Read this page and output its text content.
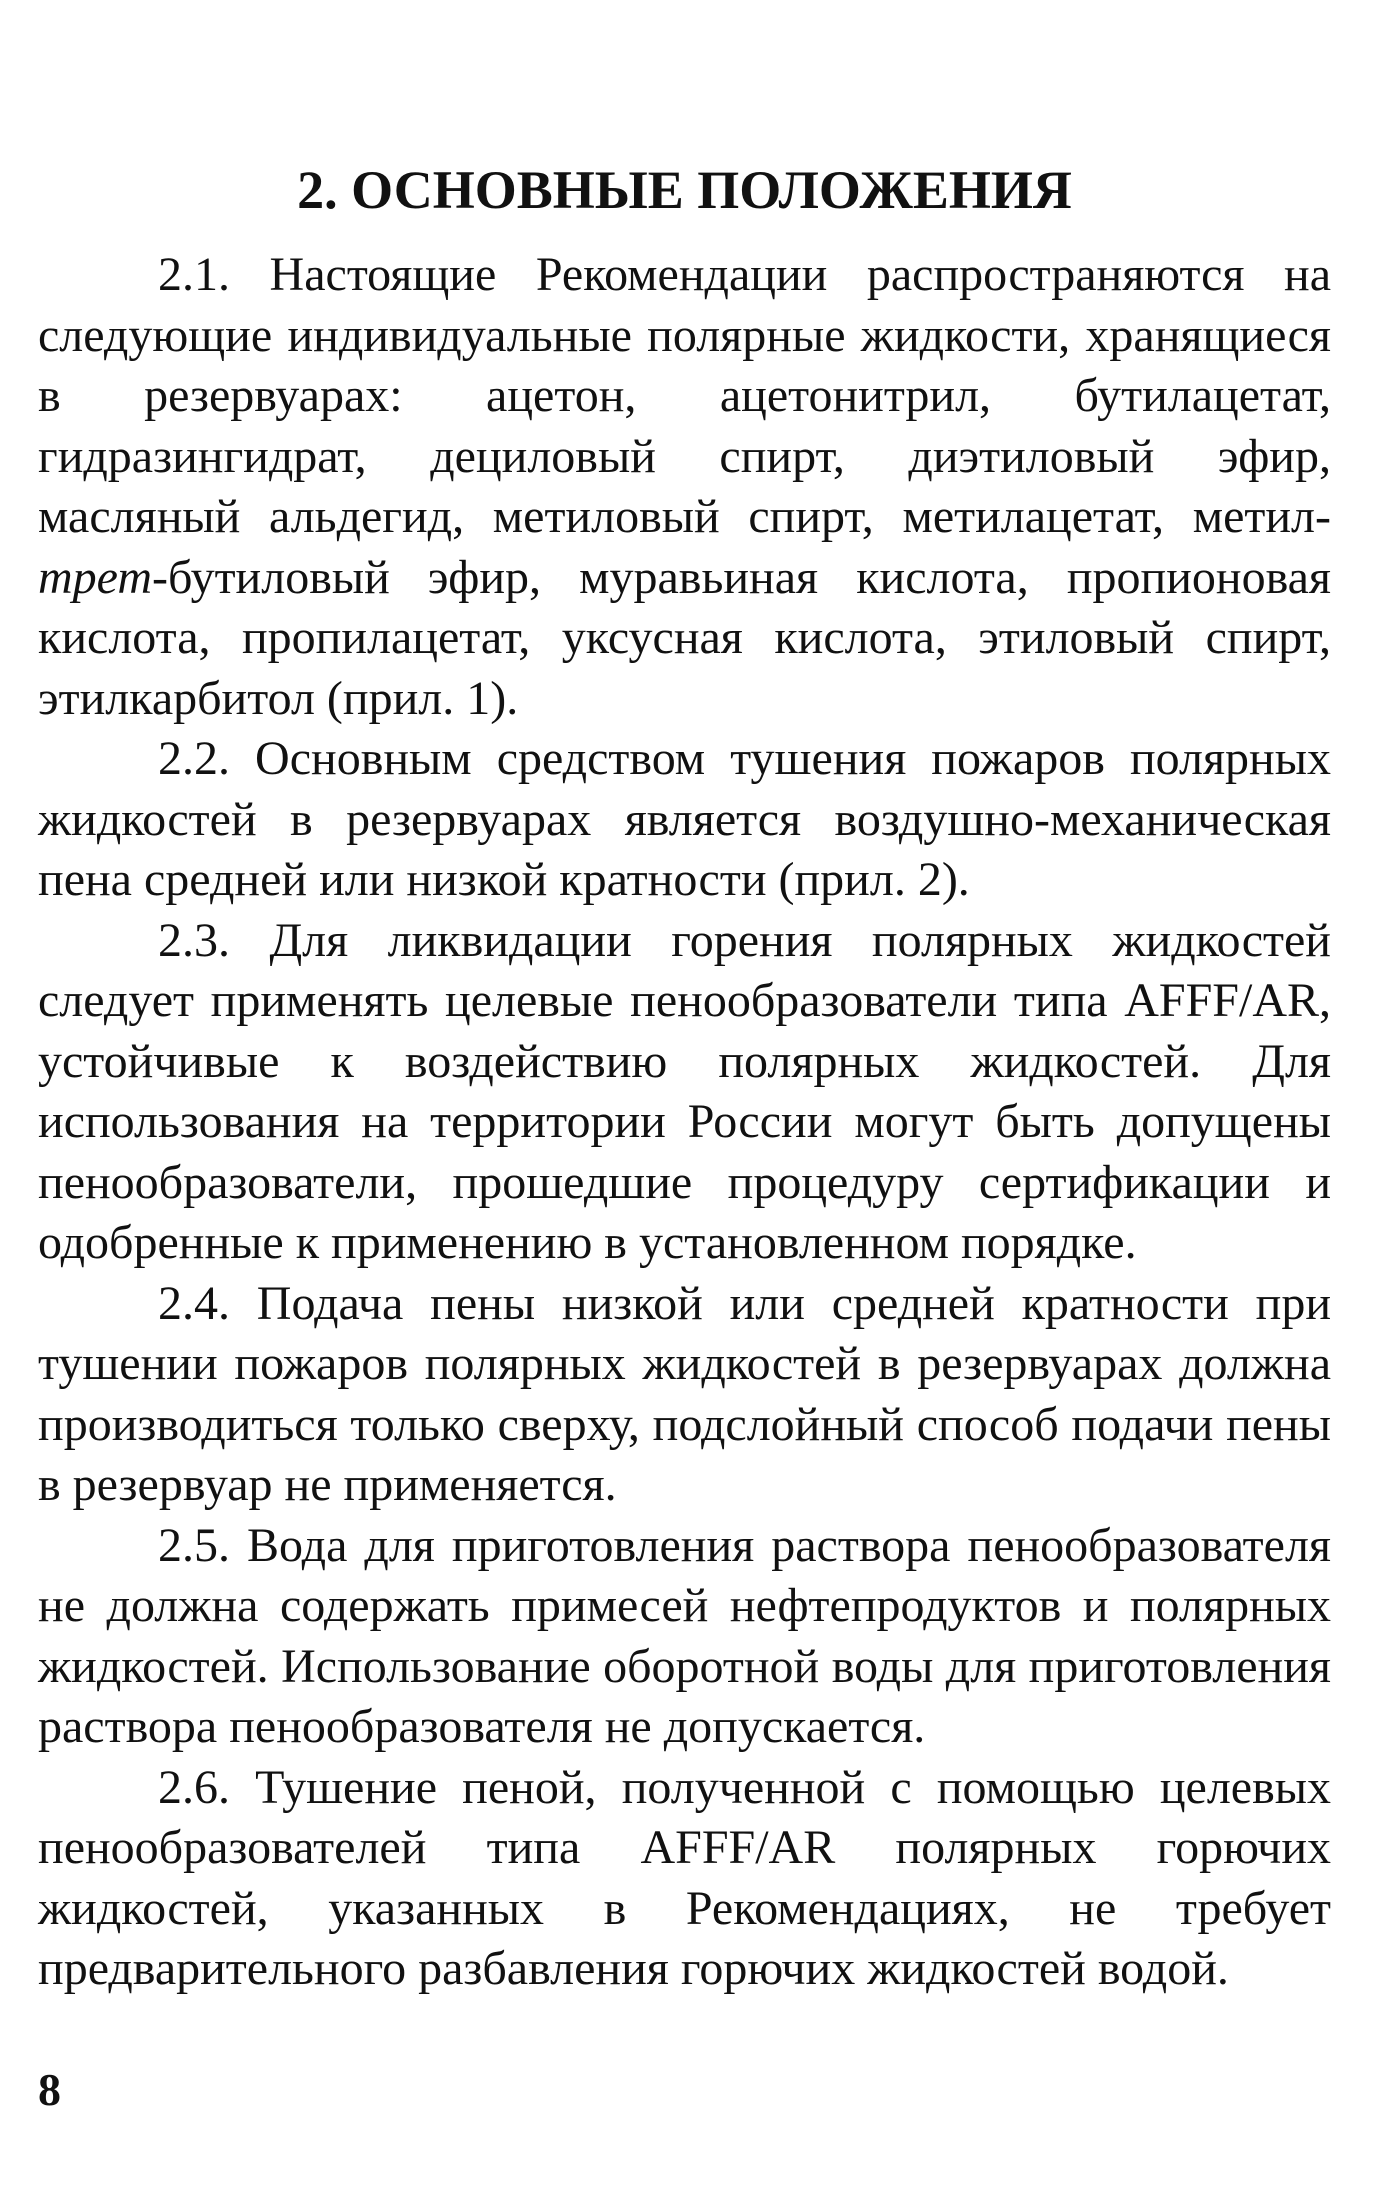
2. ОСНОВНЫЕ ПОЛОЖЕНИЯ

2.1. Настоящие Рекомендации распространяются на следующие индивидуальные полярные жидкости, хранящиеся в резервуарах: ацетон, ацетонитрил, бутилацетат, гидразингидрат, дециловый спирт, диэтиловый эфир, масляный альдегид, метиловый спирт, метилацетат, метил-трет-бутиловый эфир, муравьиная кислота, пропионовая кислота, пропилацетат, уксусная кислота, этиловый спирт, этилкарбитол (прил. 1).

2.2. Основным средством тушения пожаров полярных жидкостей в резервуарах является воздушно-механическая пена средней или низкой кратности (прил. 2).

2.3. Для ликвидации горения полярных жидкостей следует применять целевые пенообразователи типа AFFF/AR, устойчивые к воздействию полярных жидкостей. Для использования на территории России могут быть допущены пенообразователи, прошедшие процедуру сертификации и одобренные к применению в установленном порядке.

2.4. Подача пены низкой или средней кратности при тушении пожаров полярных жидкостей в резервуарах должна производиться только сверху, подслойный способ подачи пены в резервуар не применяется.

2.5. Вода для приготовления раствора пенообразователя не должна содержать примесей нефтепродуктов и полярных жидкостей. Использование оборотной воды для приготовления раствора пенообразователя не допускается.

2.6. Тушение пеной, полученной с помощью целевых пенообразователей типа AFFF/AR полярных горючих жидкостей, указанных в Рекомендациях, не требует предварительного разбавления горючих жидкостей водой.

8
